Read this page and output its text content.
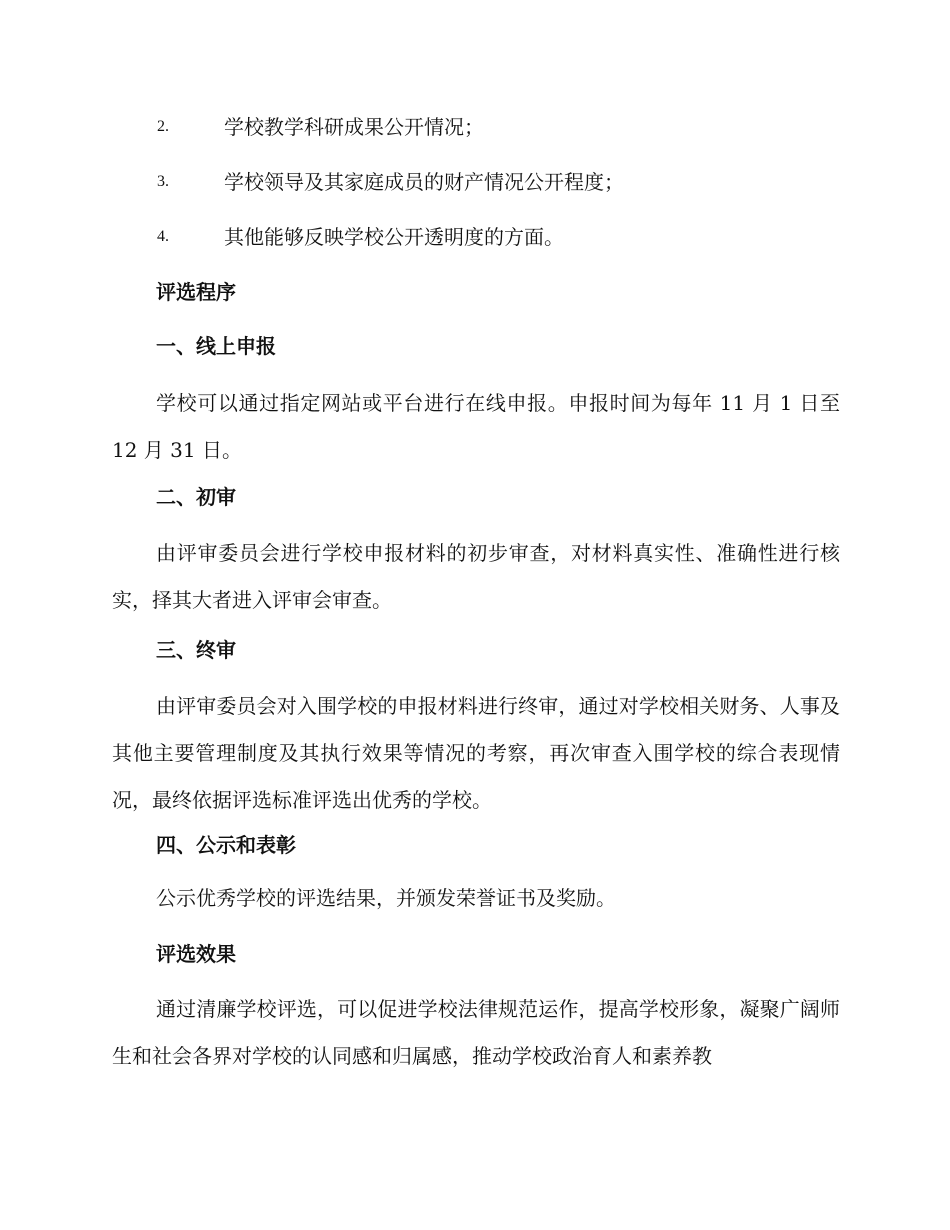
2.	学校教学科研成果公开情况；
3.	学校领导及其家庭成员的财产情况公开程度；
4.	其他能够反映学校公开透明度的方面。
评选程序
一、线上申报

学校可以通过指定网站或平台进行在线申报。申报时间为每年 11 月 1 日至 12 月 31 日。

二、初审

由评审委员会进行学校申报材料的初步审查，对材料真实性、准确性进行核实，择其大者进入评审会审查。

三、终审

由评审委员会对入围学校的申报材料进行终审，通过对学校相关财务、人事及其他主要管理制度及其执行效果等情况的考察，再次审查入围学校的综合表现情况，最终依据评选标准评选出优秀的学校。

四、公示和表彰

公示优秀学校的评选结果，并颁发荣誉证书及奖励。

评选效果

通过清廉学校评选，可以促进学校法律规范运作，提高学校形象，凝聚广阔师生和社会各界对学校的认同感和归属感，推动学校政治育人和素养教
